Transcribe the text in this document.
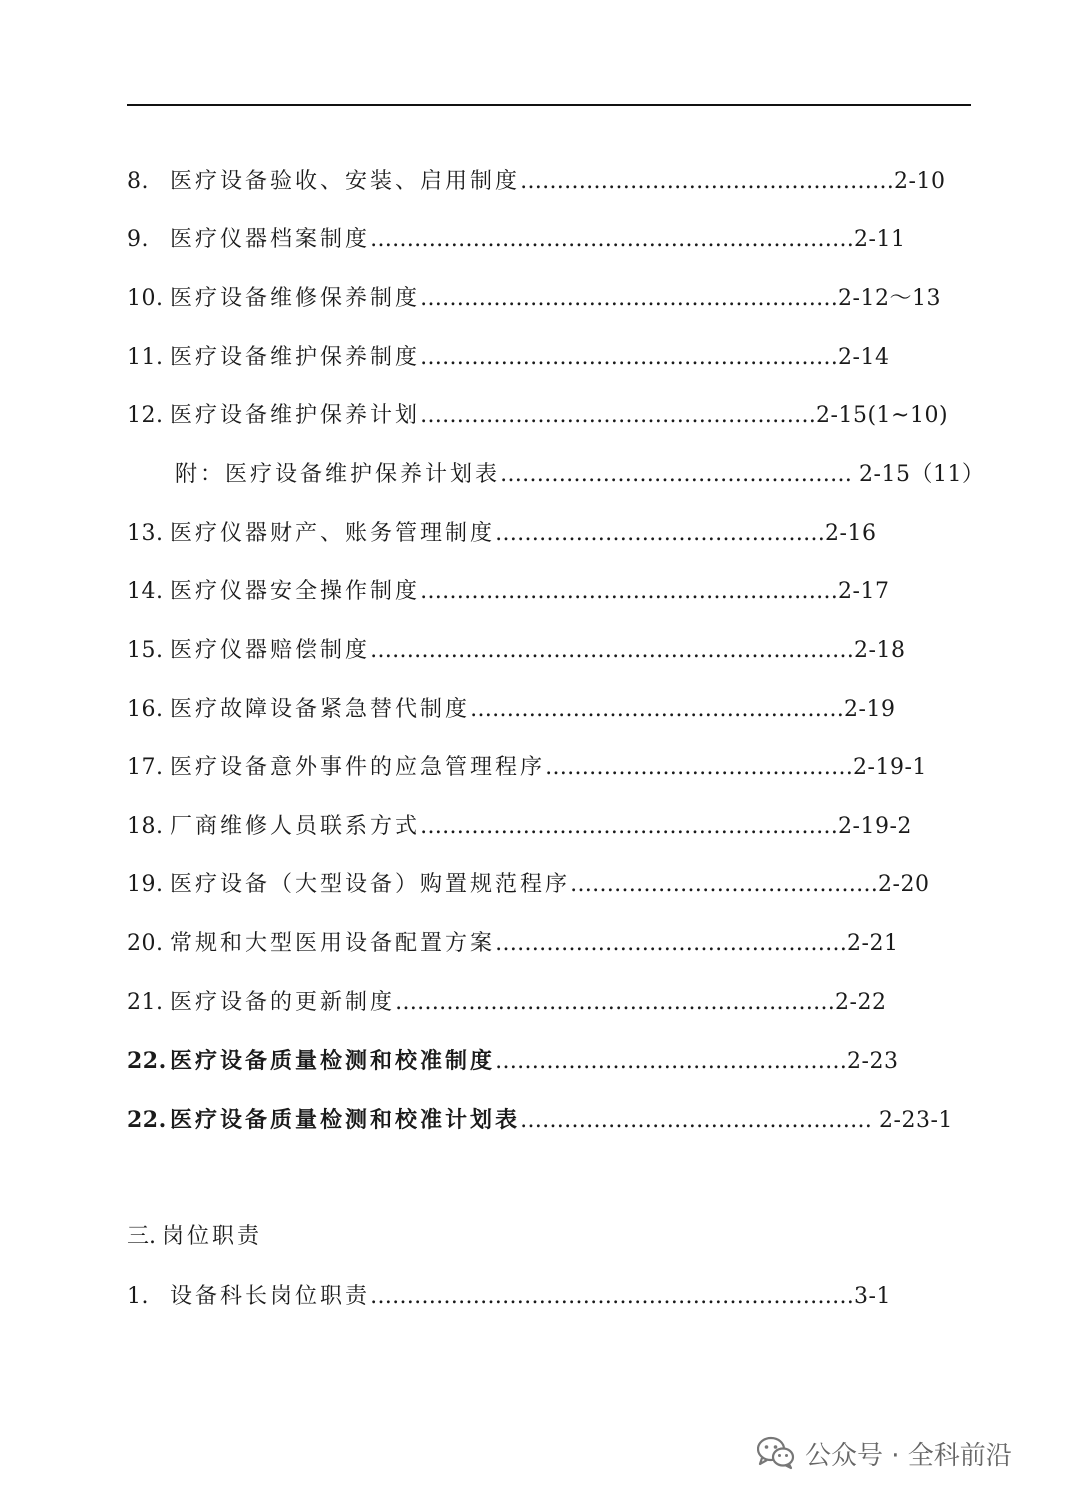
8. 医疗设备验收、安装、启用制度……………………………………………2-10
9. 医疗仪器档案制度…………………………………………………………2-11
10. 医疗设备维修保养制度…………………………………………………2-12～13
11. 医疗设备维护保养制度…………………………………………………2-14
12. 医疗设备维护保养计划………………………………………………2-15(1~10)
附：医疗设备维护保养计划表………………………………………… 2-15（11）
13. 医疗仪器财产、账务管理制度………………………………………2-16
14. 医疗仪器安全操作制度…………………………………………………2-17
15. 医疗仪器赔偿制度…………………………………………………………2-18
16. 医疗故障设备紧急替代制度……………………………………………2-19
17. 医疗设备意外事件的应急管理程序……………………………………2-19-1
18. 厂商维修人员联系方式…………………………………………………2-19-2
19. 医疗设备（大型设备）购置规范程序……………………………………2-20
20. 常规和大型医用设备配置方案…………………………………………2-21
21. 医疗设备的更新制度……………………………………………………2-22
22. 医疗设备质量检测和校准制度…………………………………………2-23
22. 医疗设备质量检测和校准计划表………………………………………… 2-23-1
三. 岗位职责
1. 设备科长岗位职责…………………………………………………………3-1
公众号 · 全科前沿
